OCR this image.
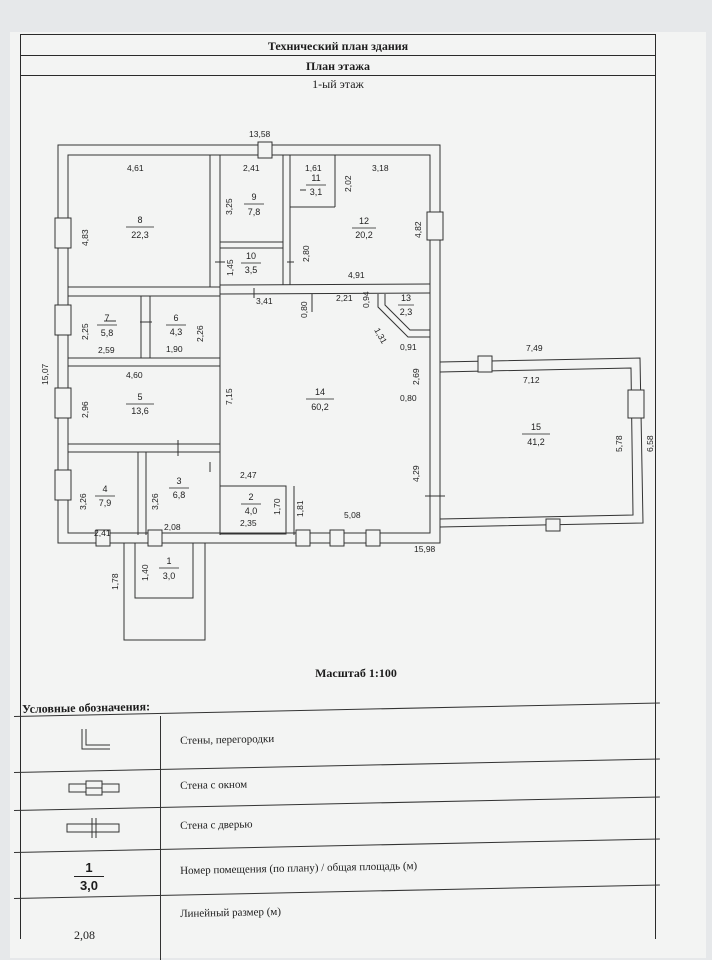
Технический план здания
План этажа
1-ый этаж
8
22,3
9
7,8
10
3,5
11
3,1
12
20,2
7
5,8
6
4,3
13
2,3
5
13,6
14
60,2
15
41,2
4
7,9
3
6,8	2
4,0
1
3,0
13,58
4,61
4,83
2,41
3,25
1,61
2,02
3,18
4,82
4,91
1,45
2,80
15,07
2,25
2,59	1,90
2,26
3,41
0,80
2,21 0,94
1,31
0,91
4,60
2,96
7,15
2,69
0,80
4,29
5,08
2,47
2,35
1,70 1,81
3,26
2,41
3,26
2,08
15,98
1,40
1,78
7,49
7,12
5,78 6,58
Масштаб 1:100
Условные обозначения:
1
3,0
2,08
Стены, перегородки
Стена с окном
Стена с дверью
Номер помещения (по плану) / общая площадь (м)
Линейный размер (м)
